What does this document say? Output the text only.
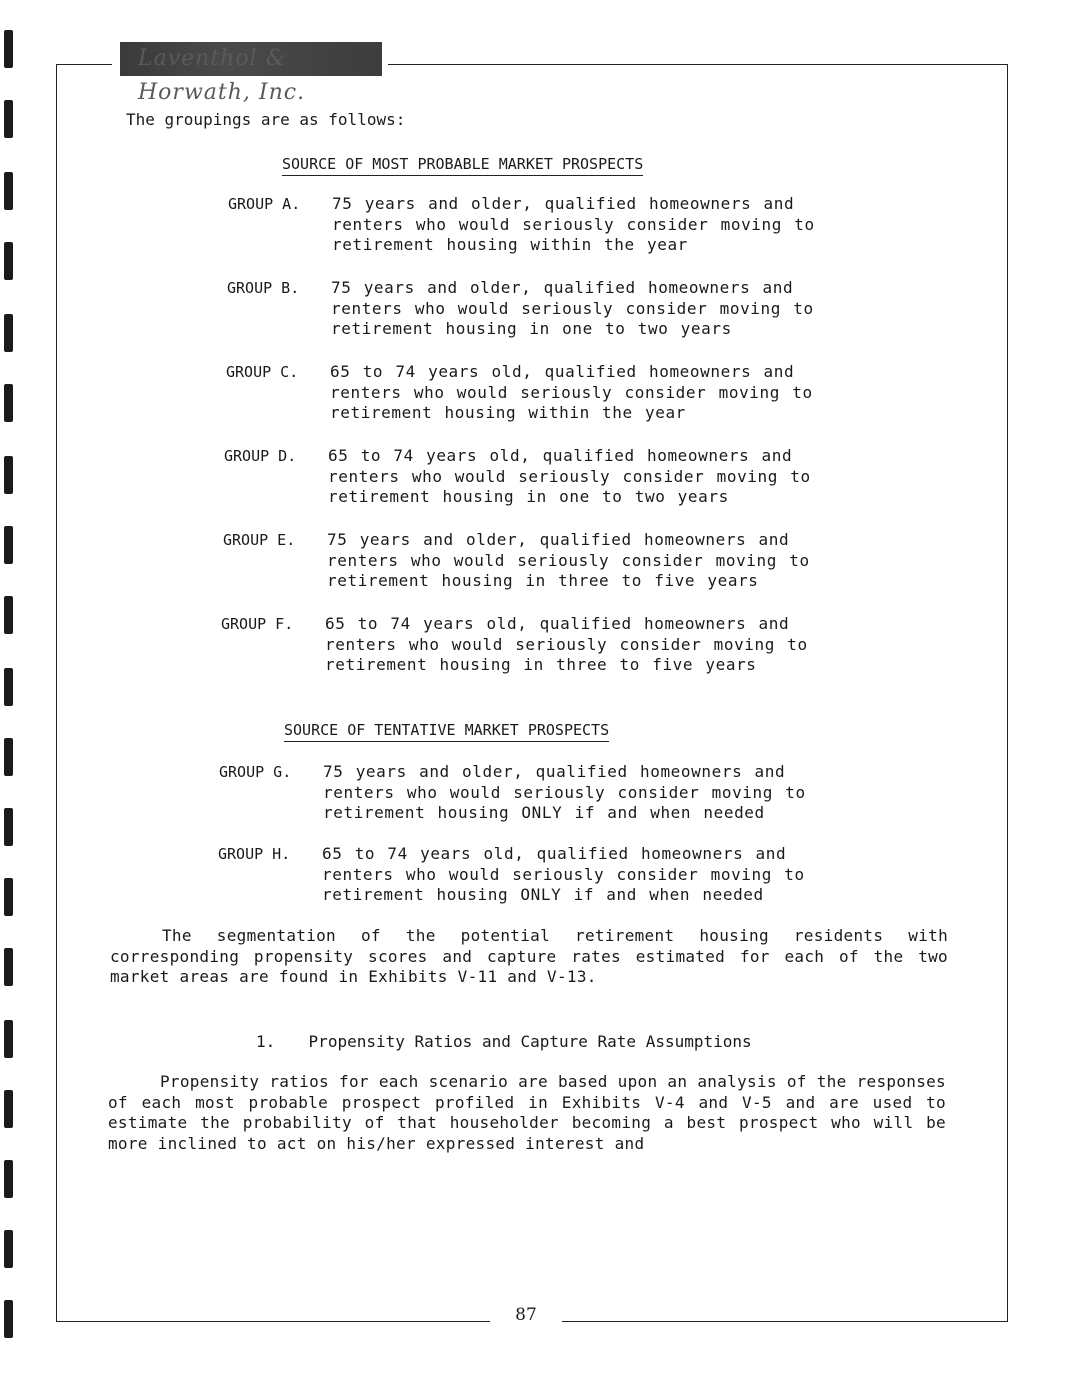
Laventhol & Horwath, Inc.
The groupings are as follows:
SOURCE OF MOST PROBABLE MARKET PROSPECTS
GROUP A. 75 years and older, qualified homeowners and renters who would seriously consider moving to retirement housing within the year
GROUP B. 75 years and older, qualified homeowners and renters who would seriously consider moving to retirement housing in one to two years
GROUP C. 65 to 74 years old, qualified homeowners and renters who would seriously consider moving to retirement housing within the year
GROUP D. 65 to 74 years old, qualified homeowners and renters who would seriously consider moving to retirement housing in one to two years
GROUP E. 75 years and older, qualified homeowners and renters who would seriously consider moving to retirement housing in three to five years
GROUP F. 65 to 74 years old, qualified homeowners and renters who would seriously consider moving to retirement housing in three to five years
SOURCE OF TENTATIVE MARKET PROSPECTS
GROUP G. 75 years and older, qualified homeowners and renters who would seriously consider moving to retirement housing ONLY if and when needed
GROUP H. 65 to 74 years old, qualified homeowners and renters who would seriously consider moving to retirement housing ONLY if and when needed
The segmentation of the potential retirement housing residents with corresponding propensity scores and capture rates estimated for each of the two market areas are found in Exhibits V-11 and V-13.
1. Propensity Ratios and Capture Rate Assumptions
Propensity ratios for each scenario are based upon an analysis of the responses of each most probable prospect profiled in Exhibits V-4 and V-5 and are used to estimate the probability of that householder becoming a best prospect who will be more inclined to act on his/her expressed interest and
87
